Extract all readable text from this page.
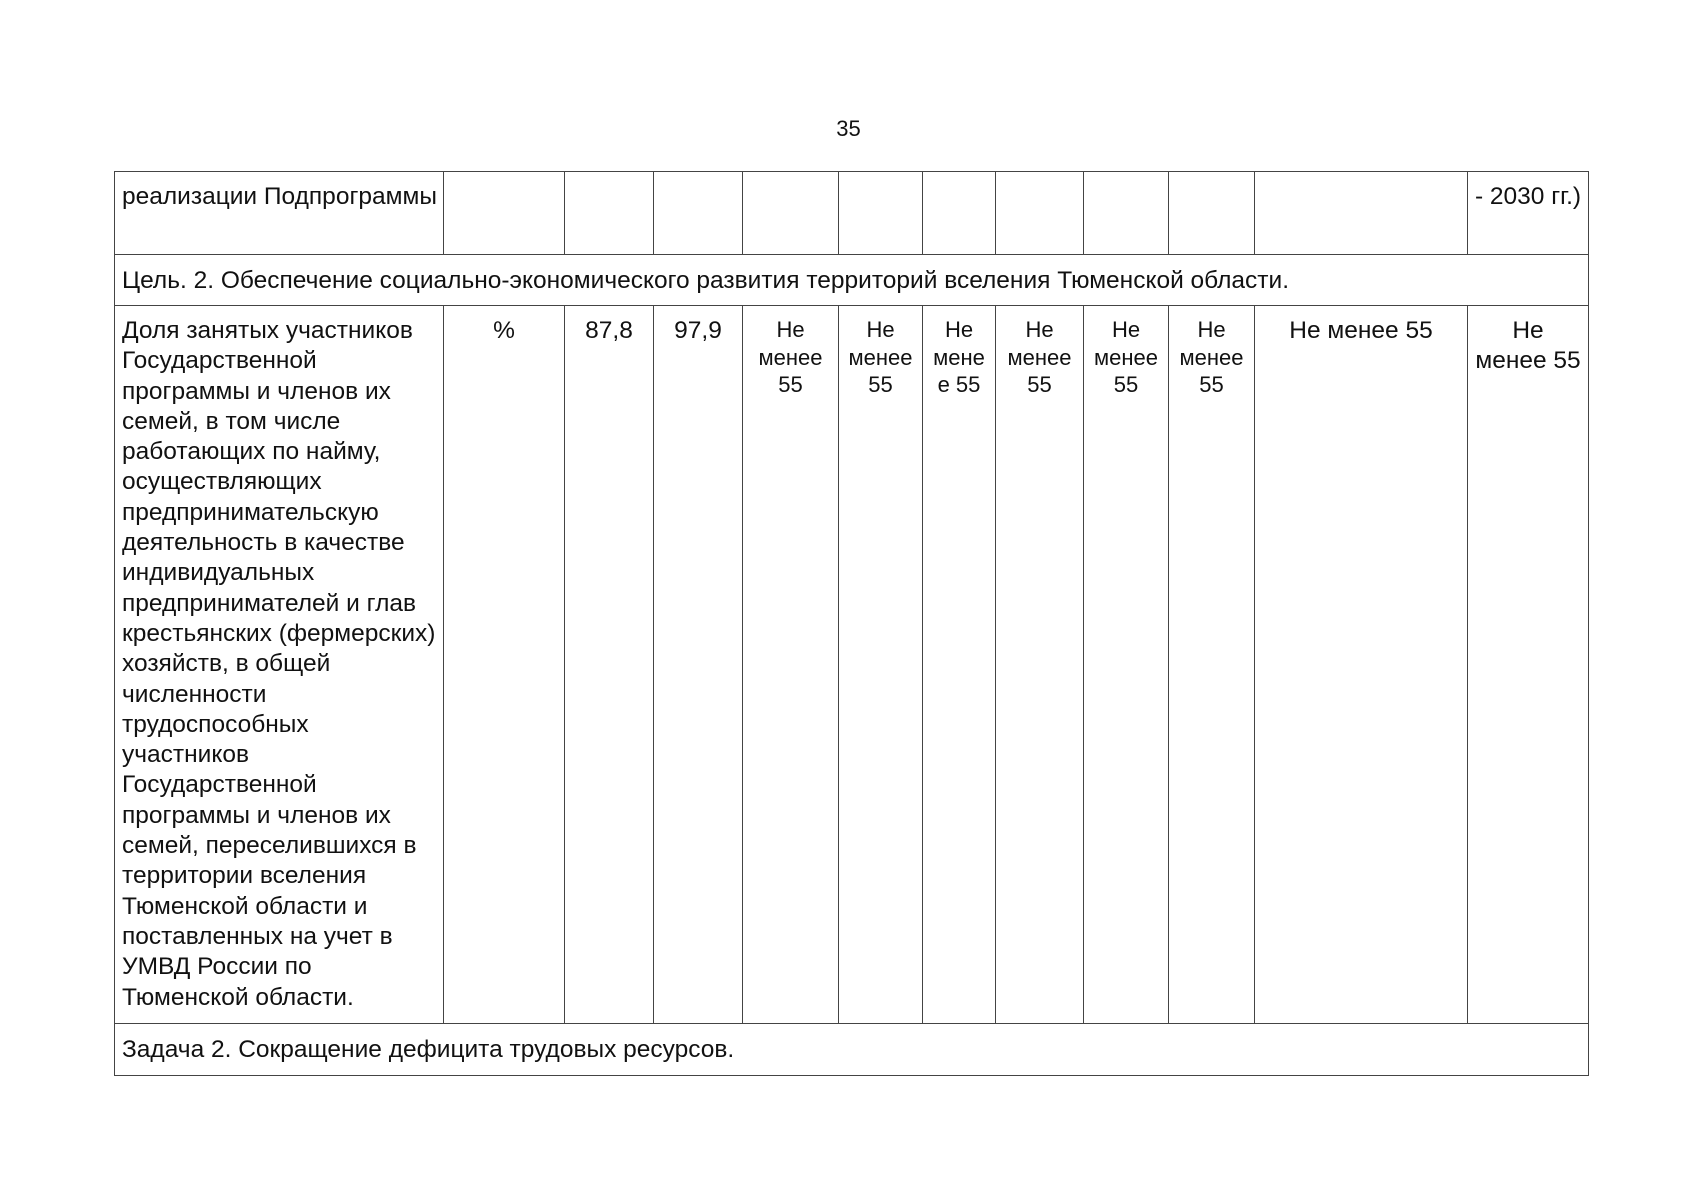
35
реализации Подпрограммы											- 2030 гг.)
Цель. 2. Обеспечение социально-экономического развития территорий вселения Тюменской области.											
Доля занятых участников Государственной программы и членов их семей, в том числе работающих по найму, осуществляющих предпринимательскую деятельность в качестве индивидуальных предпринимателей и глав крестьянских (фермерских) хозяйств, в общей численности трудоспособных участников Государственной программы и членов их семей, переселившихся в территории вселения Тюменской области и поставленных на учет в УМВД России по Тюменской области.	%	87,8	97,9	Не менее 55	Не менее 55	Не менее 55	Не менее 55	Не менее 55	Не менее 55	Не менее 55	Не менее 55
Задача 2. Сокращение дефицита трудовых ресурсов.											
